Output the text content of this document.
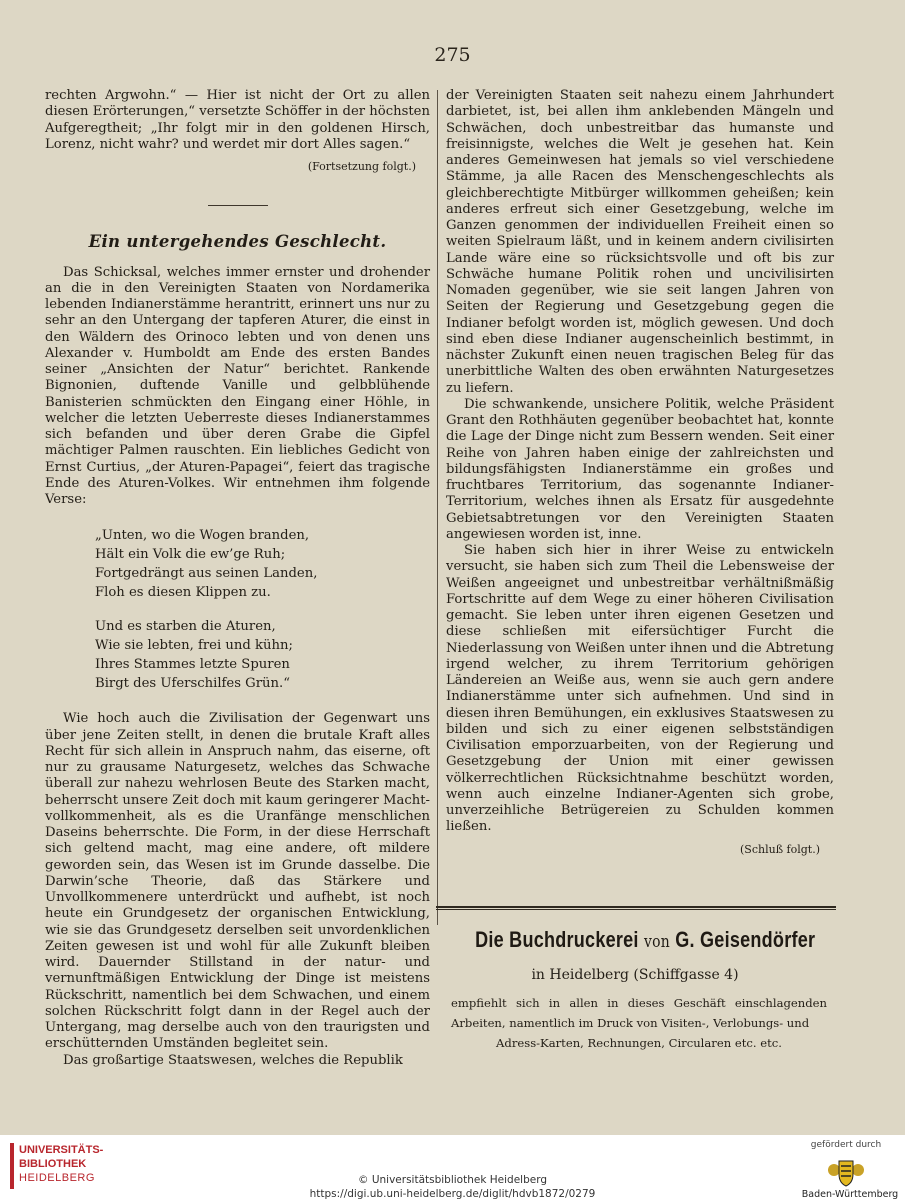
275

rechten Argwohn.“ — Hier ist nicht der Ort zu allen diesen Erörterungen,“ versetzte Schöffer in der höchsten Aufgeregtheit; „Ihr folgt mir in den goldenen Hirsch, Lorenz, nicht wahr? und werdet mir dort Alles sagen.“

(Fortsetzung folgt.)

Ein untergehendes Geschlecht.

Das Schicksal, welches immer ernster und drohender an die in den Vereinigten Staaten von Nordamerika lebenden Indianerstämme herantritt, erinnert uns nur zu sehr an den Untergang der tapferen Aturer, die einst in den Wäldern des Orinoco lebten und von denen uns Alexander v. Humboldt am Ende des ersten Bandes seiner „Ansichten der Natur“ berichtet. Rankende Bignonien, duftende Vanille und gelbblühende Banisterien schmückten den Eingang einer Höhle, in welcher die letzten Ueberreste dieses Indianerstammes sich befanden und über deren Grabe die Gipfel mächtiger Palmen rauschten. Ein liebliches Gedicht von Ernst Curtius, „der Aturen-Papagei“, feiert das tragische Ende des Aturen-Volkes. Wir entnehmen ihm folgende Verse:

„Unten, wo die Wogen branden,
Hält ein Volk die ew’ge Ruh;
Fortgedrängt aus seinen Landen,
Floh es diesen Klippen zu.
Und es starben die Aturen,
Wie sie lebten, frei und kühn;
Ihres Stammes letzte Spuren
Birgt des Uferschilfes Grün.“

Wie hoch auch die Zivilisation der Gegenwart uns über jene Zeiten stellt, in denen die brutale Kraft alles Recht für sich allein in Anspruch nahm, das eiserne, oft nur zu grausame Naturgesetz, welches das Schwache überall zur nahezu wehrlosen Beute des Starken macht, beherrscht unsere Zeit doch mit kaum geringerer Macht-vollkommenheit, als es die Uranfänge menschlichen Daseins beherrschte. Die Form, in der diese Herrschaft sich geltend macht, mag eine andere, oft mildere geworden sein, das Wesen ist im Grunde dasselbe. Die Darwin’sche Theorie, daß das Stärkere und Unvollkommenere unterdrückt und aufhebt, ist noch heute ein Grundgesetz der organischen Entwicklung, wie sie das Grundgesetz derselben seit unvordenklichen Zeiten gewesen ist und wohl für alle Zukunft bleiben wird. Dauernder Stillstand in der natur- und vernunftmäßigen Entwicklung der Dinge ist meistens Rückschritt, namentlich bei dem Schwachen, und einem solchen Rückschritt folgt dann in der Regel auch der Untergang, mag derselbe auch von den traurigsten und erschütternden Umständen begleitet sein.

Das großartige Staatswesen, welches die Republik

der Vereinigten Staaten seit nahezu einem Jahrhundert darbietet, ist, bei allen ihm anklebenden Mängeln und Schwächen, doch unbestreitbar das humanste und freisinnigste, welches die Welt je gesehen hat. Kein anderes Gemeinwesen hat jemals so viel verschiedene Stämme, ja alle Racen des Menschengeschlechts als gleichberechtigte Mitbürger willkommen geheißen; kein anderes erfreut sich einer Gesetzgebung, welche im Ganzen genommen der individuellen Freiheit einen so weiten Spielraum läßt, und in keinem andern civilisirten Lande wäre eine so rücksichtsvolle und oft bis zur Schwäche humane Politik rohen und uncivilisirten Nomaden gegenüber, wie sie seit langen Jahren von Seiten der Regierung und Gesetzgebung gegen die Indianer befolgt worden ist, möglich gewesen. Und doch sind eben diese Indianer augenscheinlich bestimmt, in nächster Zukunft einen neuen tragischen Beleg für das unerbittliche Walten des oben erwähnten Naturgesetzes zu liefern.

Die schwankende, unsichere Politik, welche Präsident Grant den Rothhäuten gegenüber beobachtet hat, konnte die Lage der Dinge nicht zum Bessern wenden. Seit einer Reihe von Jahren haben einige der zahlreichsten und bildungsfähigsten Indianerstämme ein großes und fruchtbares Territorium, das sogenannte Indianer-Territorium, welches ihnen als Ersatz für ausgedehnte Gebietsabtretungen vor den Vereinigten Staaten angewiesen worden ist, inne.

Sie haben sich hier in ihrer Weise zu entwickeln versucht, sie haben sich zum Theil die Lebensweise der Weißen angeeignet und unbestreitbar verhältnißmäßig Fortschritte auf dem Wege zu einer höheren Civilisation gemacht. Sie leben unter ihren eigenen Gesetzen und diese schließen mit eifersüchtiger Furcht die Niederlassung von Weißen unter ihnen und die Abtretung irgend welcher, zu ihrem Territorium gehörigen Ländereien an Weiße aus, wenn sie auch gern andere Indianerstämme unter sich aufnehmen. Und sind in diesen ihren Bemühungen, ein exklusives Staatswesen zu bilden und sich zu einer eigenen selbstständigen Civilisation emporzuarbeiten, von der Regierung und Gesetzgebung der Union mit einer gewissen völkerrechtlichen Rücksichtnahme beschützt worden, wenn auch einzelne Indianer-Agenten sich grobe, unverzeihliche Betrügereien zu Schulden kommen ließen.

(Schluß folgt.)

Die Buchdruckerei von G. Geisendörfer
in Heidelberg (Schiffgasse 4)
empfiehlt sich in allen in dieses Geschäft einschlagenden Arbeiten, namentlich im Druck von Visiten-, Verlobungs- und
Adress-Karten, Rechnungen, Circularen etc. etc.
UNIVERSITÄTS-
BIBLIOTHEK
HEIDELBERG	© Universitätsbibliothek Heidelberg
https://digi.ub.uni-heidelberg.de/diglit/hdvb1872/0279
gefördert durch
Baden-Württemberg
